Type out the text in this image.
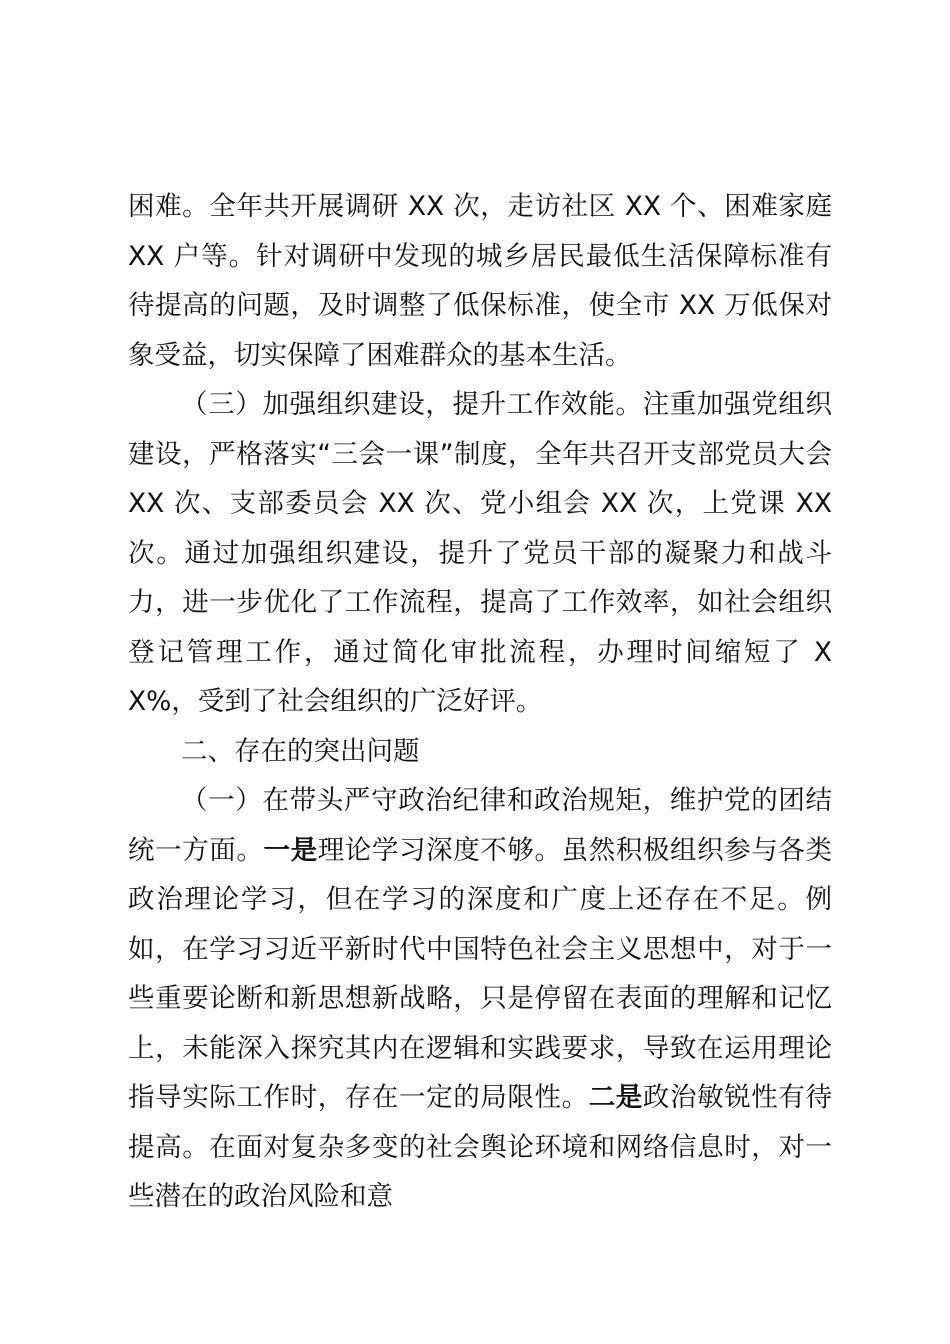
困难。全年共开展调研 XX 次，走访社区 XX 个、困难家庭 XX 户等。针对调研中发现的城乡居民最低生活保障标准有待提高的问题，及时调整了低保标准，使全市 XX 万低保对象受益，切实保障了困难群众的基本生活。

（三）加强组织建设，提升工作效能。注重加强党组织建设，严格落实“三会一课”制度，全年共召开支部党员大会 XX 次、支部委员会 XX 次、党小组会 XX 次，上党课 XX 次。通过加强组织建设，提升了党员干部的凝聚力和战斗力，进一步优化了工作流程，提高了工作效率，如社会组织登记管理工作，通过简化审批流程，办理时间缩短了 XX%，受到了社会组织的广泛好评。

二、存在的突出问题

（一）在带头严守政治纪律和政治规矩，维护党的团结统一方面。一是理论学习深度不够。虽然积极组织参与各类政治理论学习，但在学习的深度和广度上还存在不足。例如，在学习习近平新时代中国特色社会主义思想中，对于一些重要论断和新思想新战略，只是停留在表面的理解和记忆上，未能深入探究其内在逻辑和实践要求，导致在运用理论指导实际工作时，存在一定的局限性。二是政治敏锐性有待提高。在面对复杂多变的社会舆论环境和网络信息时，对一些潜在的政治风险和意
